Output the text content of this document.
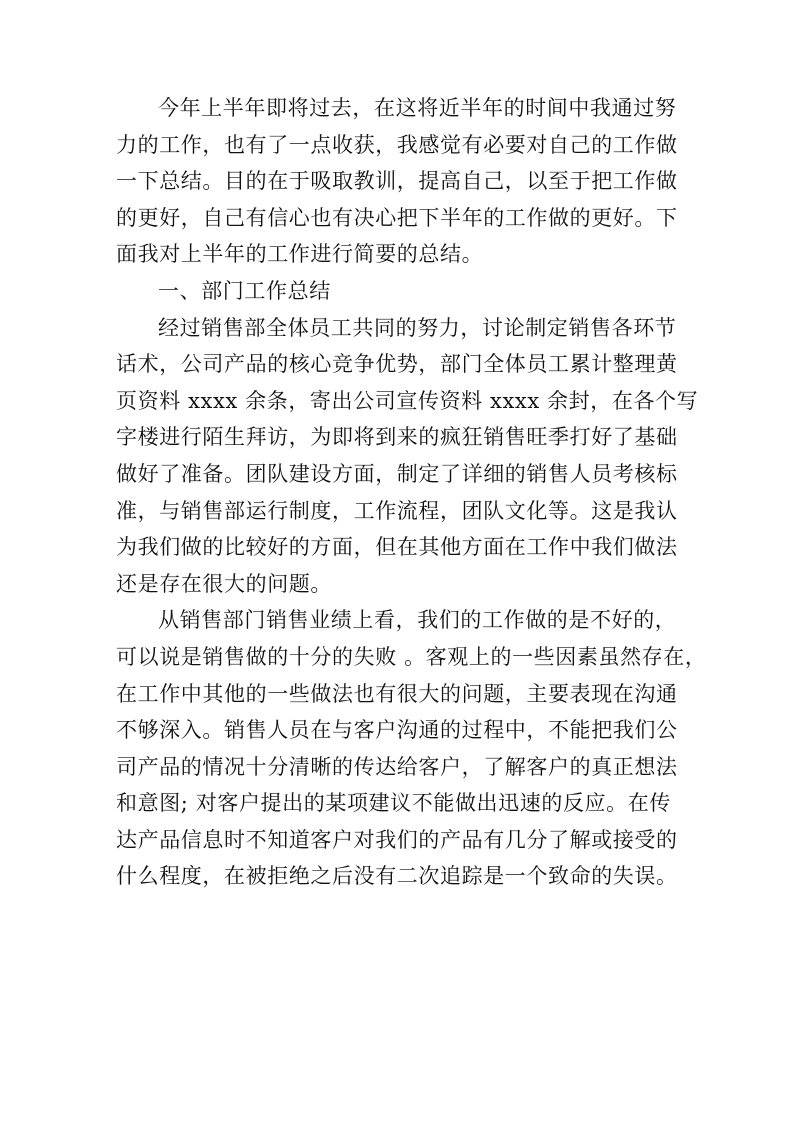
今年上半年即将过去，在这将近半年的时间中我通过努
力的工作，也有了一点收获，我感觉有必要对自己的工作做
一下总结。目的在于吸取教训，提高自己，以至于把工作做
的更好，自己有信心也有决心把下半年的工作做的更好。下
面我对上半年的工作进行简要的总结。
一、部门工作总结
经过销售部全体员工共同的努力，讨论制定销售各环节
话术，公司产品的核心竞争优势，部门全体员工累计整理黄
页资料 xxxx 余条，寄出公司宣传资料 xxxx 余封，在各个写
字楼进行陌生拜访，为即将到来的疯狂销售旺季打好了基础
做好了准备。团队建设方面，制定了详细的销售人员考核标
准，与销售部运行制度，工作流程，团队文化等。这是我认
为我们做的比较好的方面，但在其他方面在工作中我们做法
还是存在很大的问题。
从销售部门销售业绩上看，我们的工作做的是不好的，
可以说是销售做的十分的失败 。客观上的一些因素虽然存在，
在工作中其他的一些做法也有很大的问题，主要表现在沟通
不够深入。销售人员在与客户沟通的过程中，不能把我们公
司产品的情况十分清晰的传达给客户，了解客户的真正想法
和意图; 对客户提出的某项建议不能做出迅速的反应。在传
达产品信息时不知道客户对我们的产品有几分了解或接受的
什么程度，在被拒绝之后没有二次追踪是一个致命的失误。
